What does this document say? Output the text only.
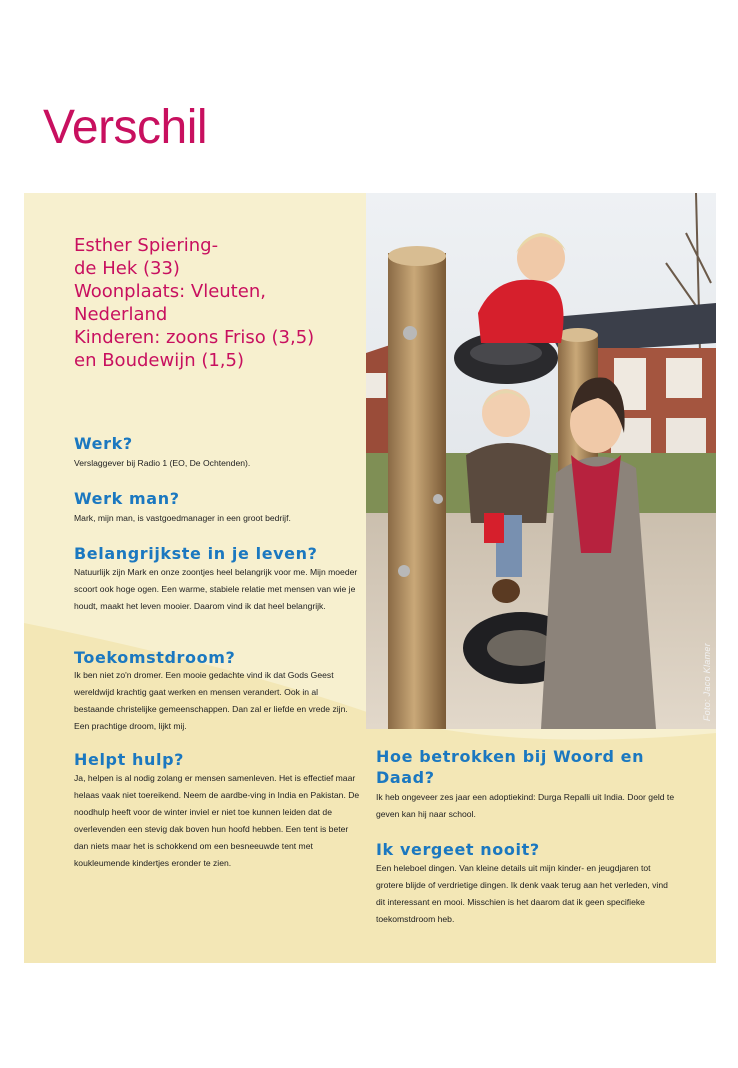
Verschil
Foto: Jaco Klamer
Esther Spiering-
de Hek (33)
Woonplaats: Vleuten,
Nederland
Kinderen: zoons Friso (3,5)
en Boudewijn (1,5)
Werk?

Verslaggever bij Radio 1 (EO, De Ochtenden).

Werk man?

Mark, mijn man, is vastgoedmanager in een groot bedrijf.

Belangrijkste in je leven?

Natuurlijk zijn Mark en onze zoontjes heel belangrijk voor me. Mijn moeder scoort ook hoge ogen. Een warme, stabiele relatie met mensen van wie je houdt, maakt het leven mooier. Daarom vind ik dat heel belangrijk.

Toekomstdroom?

Ik ben niet zo'n dromer. Een mooie gedachte vind ik dat Gods Geest wereldwijd krachtig gaat werken en mensen verandert. Ook in al bestaande christelijke gemeenschappen. Dan zal er liefde en vrede zijn. Een prachtige droom, lijkt mij.

Helpt hulp?

Ja, helpen is al nodig zolang er mensen samenleven. Het is effectief maar helaas vaak niet toereikend. Neem de aardbe-ving in India en Pakistan. De noodhulp heeft voor de winter inviel er niet toe kunnen leiden dat de overlevenden een stevig dak boven hun hoofd hebben. Een tent is beter dan niets maar het is schokkend om een besneeuwde tent met koukleumende kindertjes eronder te zien.

Hoe betrokken bij Woord en Daad?

Ik heb ongeveer zes jaar een adoptiekind: Durga Repalli uit India. Door geld te geven kan hij naar school.

Ik vergeet nooit?

Een heleboel dingen. Van kleine details uit mijn kinder- en jeugdjaren tot grotere blijde of verdrietige dingen. Ik denk vaak terug aan het verleden, vind dit interessant en mooi. Misschien is het daarom dat ik geen specifieke toekomstdroom heb.
